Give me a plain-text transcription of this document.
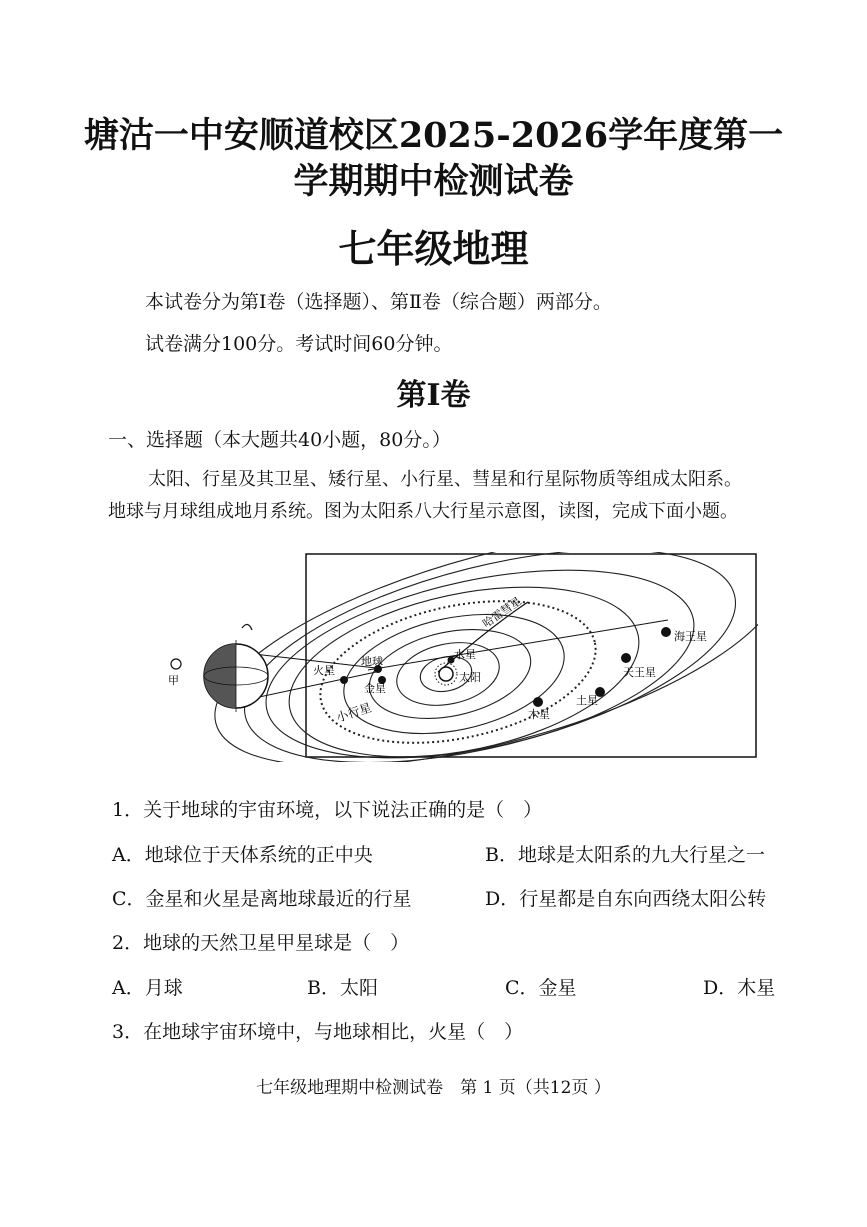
塘沽一中安顺道校区2025-2026学年度第一
学期期中检测试卷
七年级地理
本试卷分为第Ⅰ卷（选择题）、第Ⅱ卷（综合题）两部分。
试卷满分100分。考试时间60分钟。
第Ⅰ卷
一、选择题（本大题共40小题，80分。）
太阳、行星及其卫星、矮行星、小行星、彗星和行星际物质等组成太阳系。
地球与月球组成地月系统。图为太阳系八大行星示意图，读图，完成下面小题。
太阳
水星
金星
地球
火星
木星
土星
天王星
海王星
小行星
哈雷彗星
甲
1．关于地球的宇宙环境，以下说法正确的是（　）
A．地球位于天体系统的正中央	B．地球是太阳系的九大行星之一
C．金星和火星是离地球最近的行星	D．行星都是自东向西绕太阳公转
2．地球的天然卫星甲星球是（　）
A．月球	B．太阳	C．金星	D．木星
3．在地球宇宙环境中，与地球相比，火星（　）
七年级地理期中检测试卷　第 1 页（共12页 ）
